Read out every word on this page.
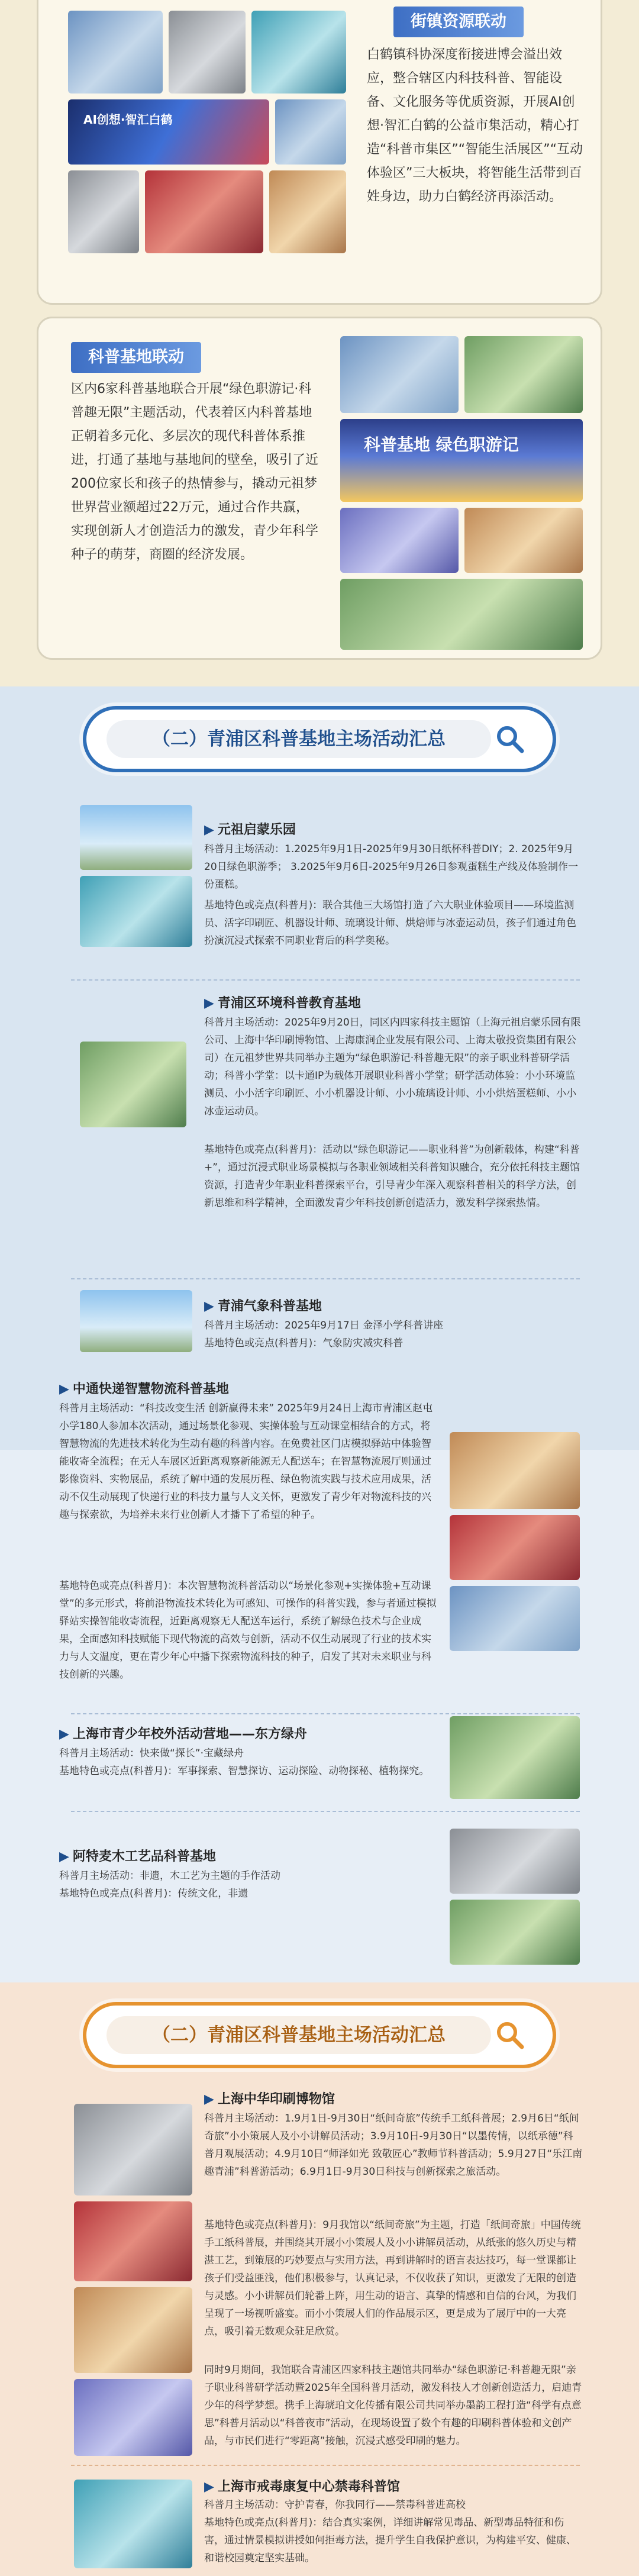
AI创想·智汇白鹤
街镇资源联动
白鹤镇科协深度衔接进博会溢出效应，整合辖区内科技科普、智能设备、文化服务等优质资源，开展AI创想·智汇白鹤的公益市集活动，精心打造“科普市集区”“智能生活展区”“互动体验区”三大板块，将智能生活带到百姓身边，助力白鹤经济再添活动。
科普基地联动
区内6家科普基地联合开展“绿色职游记·科普趣无限”主题活动，代表着区内科普基地正朝着多元化、多层次的现代科普体系推进，打通了基地与基地间的壁垒，吸引了近200位家长和孩子的热情参与，撬动元祖梦世界营业额超过22万元，通过合作共赢，实现创新人才创造活力的激发，青少年科学种子的萌芽，商圈的经济发展。
科普基地 绿色职游记
（二）青浦区科普基地主场活动汇总
▶ 元祖启蒙乐园
科普月主场活动：1.2025年9月1日-2025年9月30日纸杯科普DIY；2. 2025年9月20日绿色职游季； 3.2025年9月6日-2025年9月26日参观蛋糕生产线及体验制作一份蛋糕。
基地特色或亮点(科普月)：联合其他三大场馆打造了六大职业体验项目——环境监测员、活字印刷匠、机器设计师、琉璃设计师、烘焙师与冰壶运动员，孩子们通过角色扮演沉浸式探索不同职业背后的科学奥秘。
▶ 青浦区环境科普教育基地
科普月主场活动：2025年9月20日，同区内四家科技主题馆（上海元祖启蒙乐园有限公司、上海中华印刷博物馆、上海康涧企业发展有限公司、上海太敬投资集团有限公司）在元祖梦世界共同举办主题为“绿色职游记·科普趣无限”的亲子职业科普研学活动；科普小学堂：以卡通IP为载体开展职业科普小学堂；研学活动体验：小小环境监测员、小小活字印刷匠、小小机器设计师、小小琉璃设计师、小小烘焙蛋糕师、小小冰壶运动员。
基地特色或亮点(科普月)：活动以“绿色职游记——职业科普”为创新载体，构建“科普+”，通过沉浸式职业场景模拟与各职业领域相关科普知识融合，充分依托科技主题馆资源，打造青少年职业科普探索平台，引导青少年深入观察科普相关的科学方法，创新思维和科学精神，全面激发青少年科技创新创造活力，激发科学探索热情。
▶ 青浦气象科普基地
科普月主场活动：2025年9月17日 金泽小学科普讲座
基地特色或亮点(科普月)：气象防灾减灾科普
▶ 中通快递智慧物流科普基地
科普月主场活动：“科技改变生活 创新赢得未来” 2025年9月24日上海市青浦区赵屯小学180人参加本次活动，通过场景化参观、实操体验与互动课堂相结合的方式，将智慧物流的先进技术转化为生动有趣的科普内容。在免费社区门店模拟驿站中体验智能收寄全流程；在无人车展区近距离观察新能源无人配送车；在智慧物流展厅则通过影像资料、实物展品，系统了解中通的发展历程、绿色物流实践与技术应用成果，活动不仅生动展现了快递行业的科技力量与人文关怀，更激发了青少年对物流科技的兴趣与探索欲，为培养未来行业创新人才播下了希望的种子。
基地特色或亮点(科普月)：本次智慧物流科普活动以“场景化参观+实操体验+互动课堂”的多元形式，将前沿物流技术转化为可感知、可操作的科普实践，参与者通过模拟驿站实操智能收寄流程，近距离观察无人配送车运行，系统了解绿色技术与企业成果，全面感知科技赋能下现代物流的高效与创新，活动不仅生动展现了行业的技术实力与人文温度，更在青少年心中播下探索物流科技的种子，启发了其对未来职业与科技创新的兴趣。
▶ 上海市青少年校外活动营地——东方绿舟
科普月主场活动：快来做“探长”·宝藏绿舟
基地特色或亮点(科普月)：军事探索、智慧探访、运动探险、动物探秘、植物探究。
▶ 阿特麦木工艺品科普基地
科普月主场活动：非遗，木工艺为主题的手作活动
基地特色或亮点(科普月)：传统文化，非遗
（二）青浦区科普基地主场活动汇总
▶ 上海中华印刷博物馆
科普月主场活动：1.9月1日-9月30日“纸间奇旅”传统手工纸科普展；2.9月6日“纸间奇旅”小小策展人及小小讲解员活动；3.9月10日-9月30日“以墨传情，以纸承德”科普月观展活动；4.9月10日“师泽如光 致敬匠心”教师节科普活动；5.9月27日“乐江南 趣青浦”科普游活动；6.9月1日-9月30日科技与创新探索之旅活动。
基地特色或亮点(科普月)：9月我馆以“纸间奇旅”为主题，打造「纸间奇旅」中国传统手工纸科普展，并围绕其开展小小策展人及小小讲解员活动，从纸张的悠久历史与精湛工艺，到策展的巧妙要点与实用方法，再到讲解时的语言表达技巧，每一堂课都让孩子们受益匪浅，他们积极参与，认真记录，不仅收获了知识，更激发了无限的创造与灵感。小小讲解员们轮番上阵，用生动的语言、真挚的情感和自信的台风，为我们呈现了一场视听盛宴。而小小策展人们的作品展示区，更是成为了展厅中的一大亮点，吸引着无数观众驻足欣赏。
同时9月期间，我馆联合青浦区四家科技主题馆共同举办“绿色职游记·科普趣无限”亲子职业科普研学活动暨2025年全国科普月活动，激发科技人才创新创造活力，启迪青少年的科学梦想。携手上海琥珀文化传播有限公司共同举办墨韵工程打造“科学有点意思”科普月活动以“科普夜市”活动，在现场设置了数个有趣的印刷科普体验和文创产品，与市民们进行“零距离”接触，沉浸式感受印刷的魅力。
▶ 上海市戒毒康复中心禁毒科普馆
科普月主场活动：守护青春，你我同行——禁毒科普进高校
基地特色或亮点(科普月)：结合真实案例，详细讲解常见毒品、新型毒品特征和伤害，通过情景模拟讲授如何拒毒方法，提升学生自我保护意识，为构建平安、健康、和谐校园奠定坚实基础。
